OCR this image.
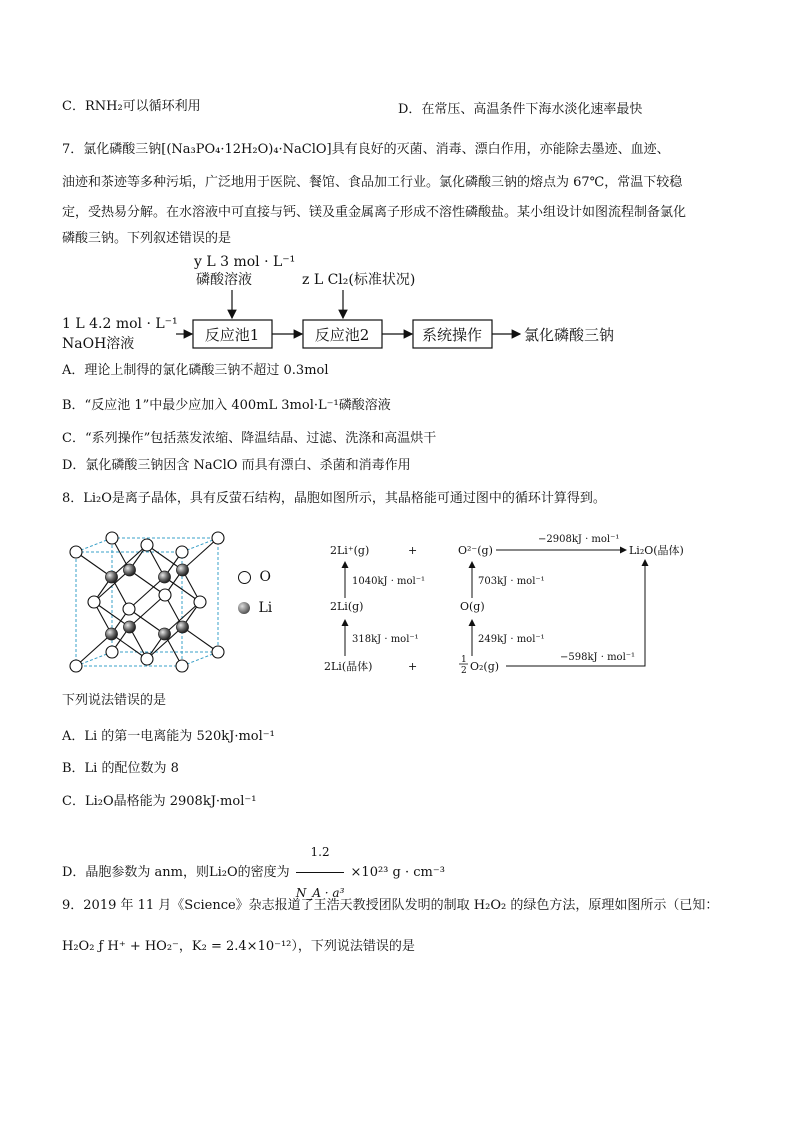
C．RNH₂可以循环利用	D．在常压、高温条件下海水淡化速率最快
7．氯化磷酸三钠[(Na₃PO₄·12H₂O)₄·NaClO]具有良好的灭菌、消毒、漂白作用，亦能除去墨迹、血迹、
油迹和茶迹等多种污垢，广泛地用于医院、餐馆、食品加工行业。氯化磷酸三钠的熔点为 67℃，常温下较稳
定，受热易分解。在水溶液中可直接与钙、镁及重金属离子形成不溶性磷酸盐。某小组设计如图流程制备氯化
磷酸三钠。下列叙述错误的是
y L 3 mol · L⁻¹
磷酸溶液	z L Cl₂(标准状况)
1 L 4.2 mol · L⁻¹
NaOH溶液	反应池1	反应池2	系统操作	氯化磷酸三钠
A．理论上制得的氯化磷酸三钠不超过 0.3mol
B．“反应池 1”中最少应加入 400mL 3mol·L⁻¹磷酸溶液
C．“系列操作”包括蒸发浓缩、降温结晶、过滤、洗涤和高温烘干
D．氯化磷酸三钠因含 NaClO 而具有漂白、杀菌和消毒作用
8．Li₂O是离子晶体，具有反萤石结构，晶胞如图所示，其晶格能可通过图中的循环计算得到。
O
Li
2Li⁺(g)	+	O²⁻(g)
−2908kJ · mol⁻¹
Li₂O(晶体)
1040kJ · mol⁻¹	703kJ · mol⁻¹
2Li(g)	O(g)
318kJ · mol⁻¹	249kJ · mol⁻¹
2Li(晶体)	+	1
2 O₂(g)
−598kJ · mol⁻¹
下列说法错误的是
A．Li 的第一电离能为 520kJ·mol⁻¹
B．Li 的配位数为 8
C．Li₂O晶格能为 2908kJ·mol⁻¹
D．晶胞参数为 anm，则Li₂O的密度为 $\frac{1.2}{\text{N\_A · a³}} \times 10^{23}$ g · cm⁻³
9．2019 年 11 月《Science》杂志报道了王浩天教授团队发明的制取 H₂O₂ 的绿色方法，原理如图所示（已知：
H₂O₂ ƒ H⁺ + HO₂⁻，K₂ = 2.4×10⁻¹²），下列说法错误的是
